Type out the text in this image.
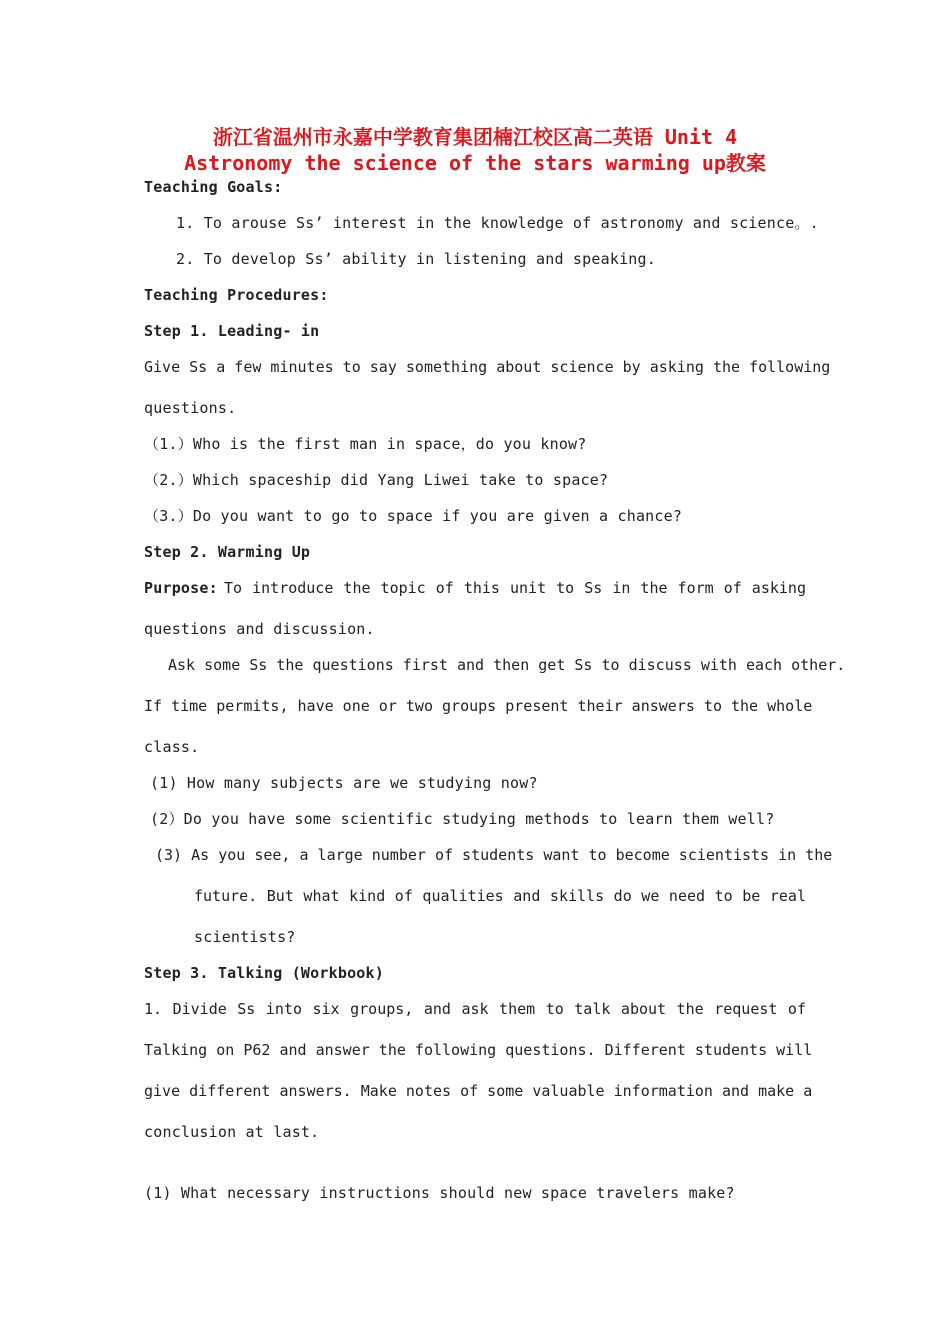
浙江省温州市永嘉中学教育集团楠江校区高二英语 Unit 4
Astronomy the science of the stars warming up教案
Teaching Goals:
1. To arouse Ss’ interest in the knowledge of astronomy and science。.
2. To develop Ss’ ability in listening and speaking.
Teaching Procedures:
Step 1. Leading- in
Give Ss a few minutes to say something about science by asking the following
questions.
（1.）Who is the first man in space，do you know?
（2.）Which spaceship did Yang Liwei take to space?
（3.）Do you want to go to space if you are given a chance?
Step 2. Warming Up
Purpose: To introduce the topic of this unit to Ss in the form of asking
questions and discussion.
Ask some Ss the questions first and then get Ss to discuss with each other.
If time permits, have one or two groups present their answers to the whole
class.
(1) How many subjects are we studying now?
(2）Do you have some scientific studying methods to learn them well?
(3) As you see, a large number of students want to become scientists in the
future. But what kind of qualities and skills do we need to be real
scientists?
Step 3. Talking (Workbook)
1. Divide Ss into six groups, and ask them to talk about the request of
Talking on P62 and answer the following questions. Different students will
give different answers. Make notes of some valuable information and make a
conclusion at last.
(1) What necessary instructions should new space travelers make?
